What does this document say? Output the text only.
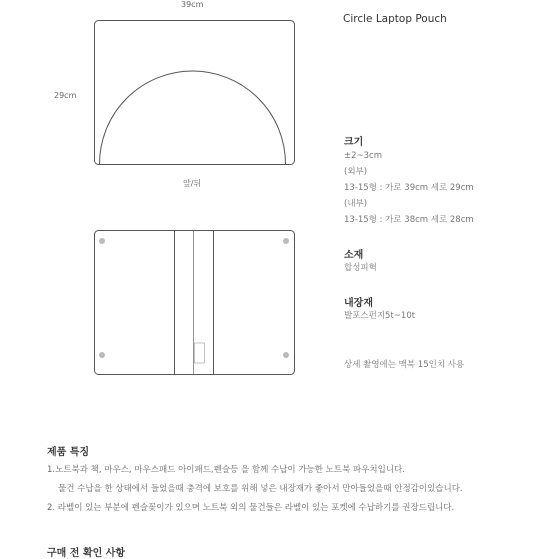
39cm
29cm
앞/뒤
Circle Laptop Pouch
크기
±2~3cm
(외부)
13-15형 : 가로 39cm 세로 29cm
(내부)
13-15형 : 가로 38cm 세로 28cm
소재
합성피혁
내장재
발포스펀지5t~10t
상세 촬영에는 맥북 15인치 사용
제품 특징
1.노트북과 책, 마우스, 마우스패드 아이패드,펜슬등 을 함께 수납이 가능한 노트북 파우치입니다.
물건 수납을 한 상태에서 들었을때 충격에 보호를 위해 넣은 내장재가 좋아서 만아들었을때 안정감이있습니다.
2. 라벨이 있는 부분에 펜슬꽂이가 있으며 노트북 외의 물건들은 라벨이 있는 포켓에 수납하기를 권장드립니다.
구매 전 확인 사항
